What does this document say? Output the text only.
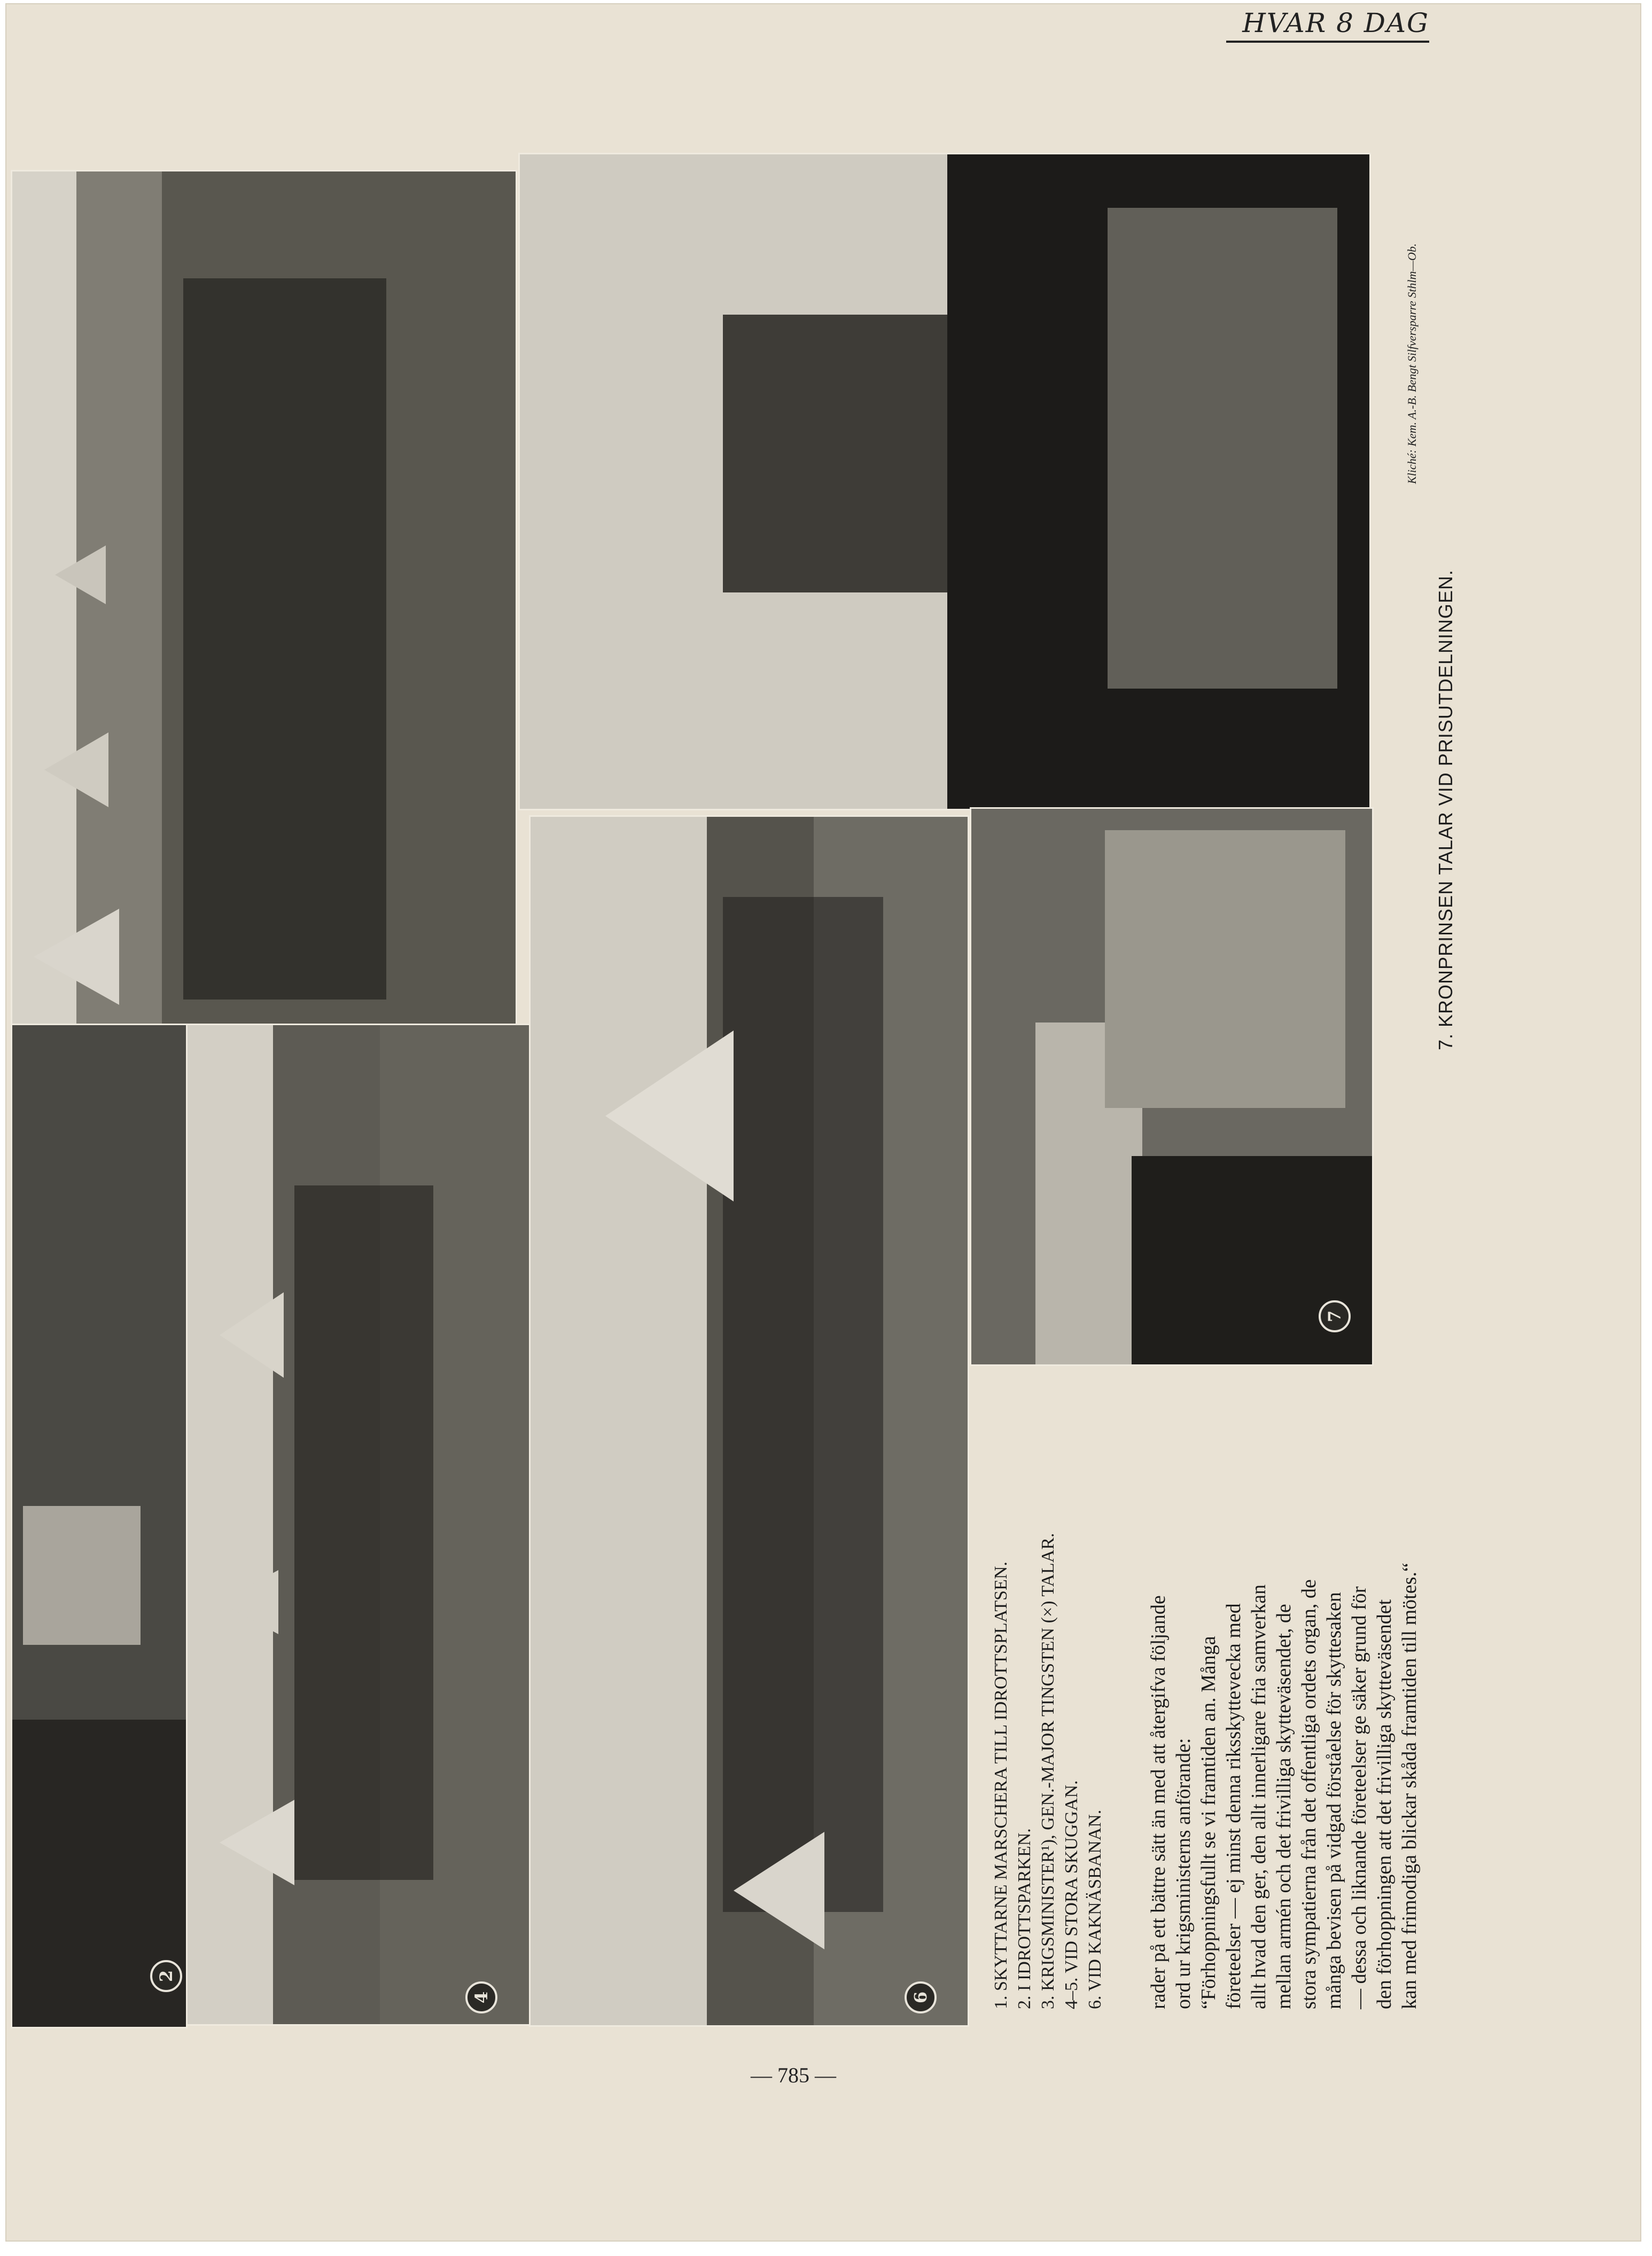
HVAR 8 DAG
2
4	6
7
1. SKYTTARNE MARSCHERA TILL IDROTTSPLATSEN. 2. I IDROTTSPARKEN. 3. KRIGSMINISTER¹), GEN.-MAJOR TINGSTEN (×) TALAR. 4–5. VID STORA SKUGGAN. 6. VID KAKNÄSBANAN. rader på ett bättre sätt än med att återgifva följande ord ur krigsministerns anförande: “Förhoppningsfullt se vi framtiden an. Många företeelser — ej minst denna riksskyttevecka med allt hvad den ger, den allt innerligare fria samverkan mellan armén och det frivilliga skytteväsendet, de stora sympatierna från det offentliga ordets organ, de många bevisen på vidgad förståelse för skyttesaken — dessa och liknande företeelser ge säker grund för den förhoppningen att det frivilliga skytteväsendet kan med frimodiga blickar skåda framtiden till mötes.“
7. KRONPRINSEN TALAR VID PRISUTDELNINGEN.
Kliché: Kem. A.-B. Bengt Silfversparre Sthlm—Ob.
— 785 —
